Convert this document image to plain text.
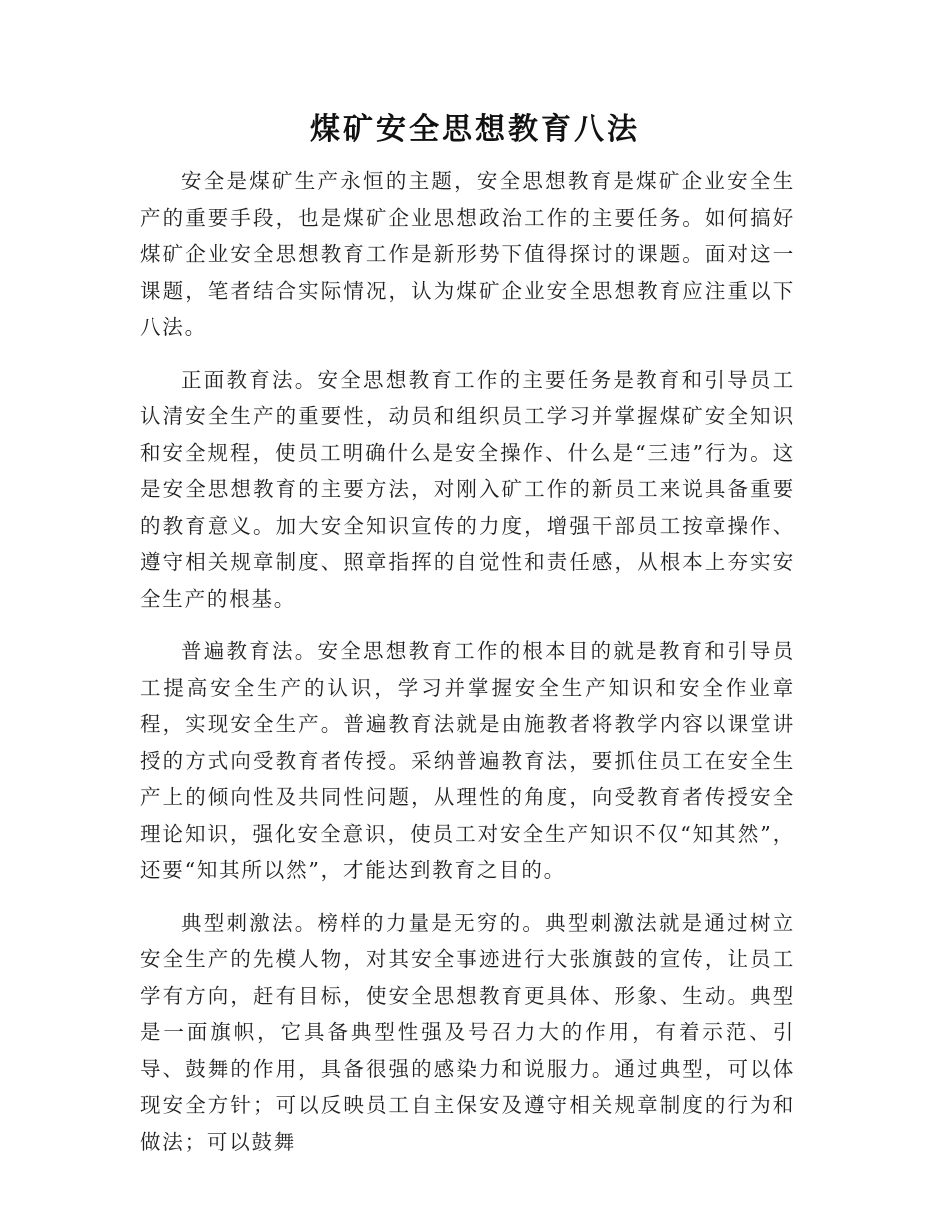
煤矿安全思想教育八法

安全是煤矿生产永恒的主题，安全思想教育是煤矿企业安全生产的重要手段，也是煤矿企业思想政治工作的主要任务。如何搞好煤矿企业安全思想教育工作是新形势下值得探讨的课题。面对这一课题，笔者结合实际情况，认为煤矿企业安全思想教育应注重以下八法。

正面教育法。安全思想教育工作的主要任务是教育和引导员工认清安全生产的重要性，动员和组织员工学习并掌握煤矿安全知识和安全规程，使员工明确什么是安全操作、什么是“三违”行为。这是安全思想教育的主要方法，对刚入矿工作的新员工来说具备重要的教育意义。加大安全知识宣传的力度，增强干部员工按章操作、遵守相关规章制度、照章指挥的自觉性和责任感，从根本上夯实安全生产的根基。

普遍教育法。安全思想教育工作的根本目的就是教育和引导员工提高安全生产的认识，学习并掌握安全生产知识和安全作业章程，实现安全生产。普遍教育法就是由施教者将教学内容以课堂讲授的方式向受教育者传授。采纳普遍教育法，要抓住员工在安全生产上的倾向性及共同性问题，从理性的角度，向受教育者传授安全理论知识，强化安全意识，使员工对安全生产知识不仅“知其然”，还要“知其所以然”，才能达到教育之目的。

典型刺激法。榜样的力量是无穷的。典型刺激法就是通过树立安全生产的先模人物，对其安全事迹进行大张旗鼓的宣传，让员工学有方向，赶有目标，使安全思想教育更具体、形象、生动。典型是一面旗帜，它具备典型性强及号召力大的作用，有着示范、引导、鼓舞的作用，具备很强的感染力和说服力。通过典型，可以体现安全方针；可以反映员工自主保安及遵守相关规章制度的行为和做法；可以鼓舞
